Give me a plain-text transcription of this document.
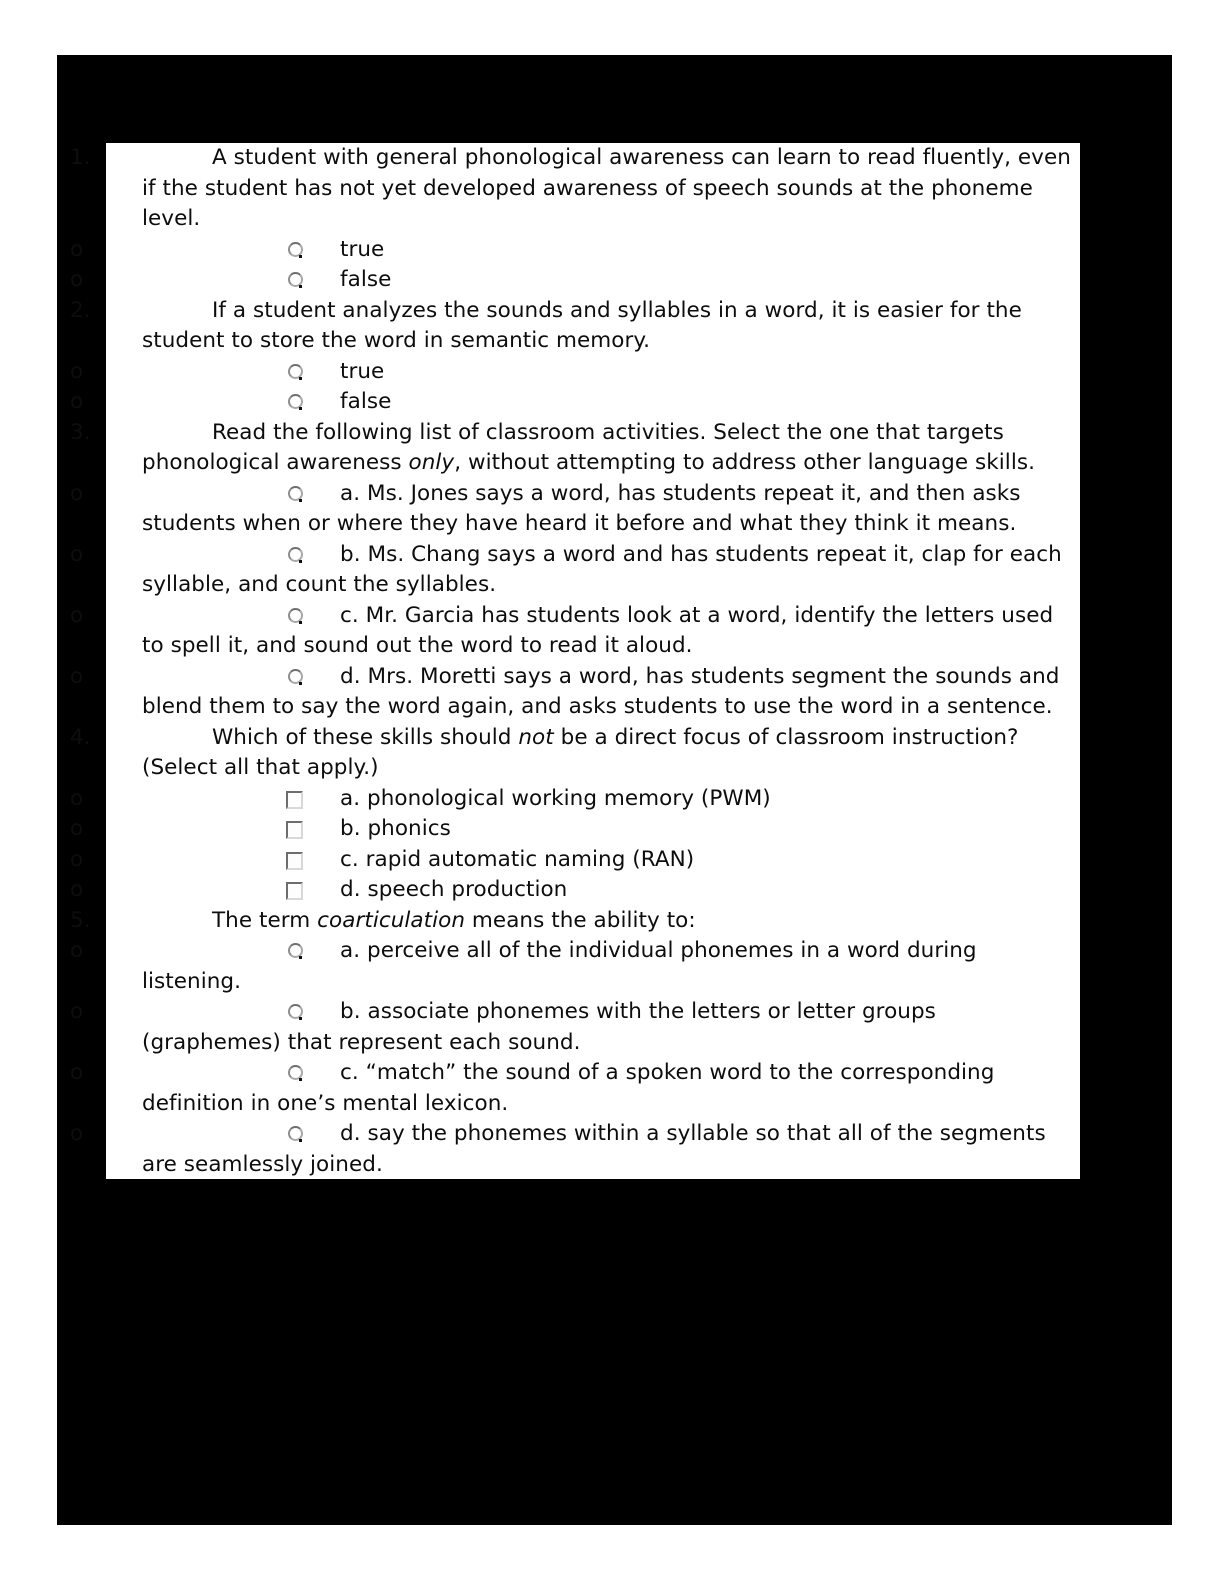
1.	A student with general phonological awareness can learn to read fluently, even if the student has not yet developed awareness of speech sounds at the phoneme level.
true
false
2.	If a student analyzes the sounds and syllables in a word, it is easier for the student to store the word in semantic memory.
true
false
3.	Read the following list of classroom activities. Select the one that targets phonological awareness only, without attempting to address other language skills.
a. Ms. Jones says a word, has students repeat it, and then asks students when or where they have heard it before and what they think it means.
b. Ms. Chang says a word and has students repeat it, clap for each syllable, and count the syllables.
c. Mr. Garcia has students look at a word, identify the letters used to spell it, and sound out the word to read it aloud.
d. Mrs. Moretti says a word, has students segment the sounds and blend them to say the word again, and asks students to use the word in a sentence.
4.	Which of these skills should not be a direct focus of classroom instruction? (Select all that apply.)
a. phonological working memory (PWM)
b. phonics
c. rapid automatic naming (RAN)
d. speech production
5.	The term coarticulation means the ability to:
a. perceive all of the individual phonemes in a word during listening.
b. associate phonemes with the letters or letter groups (graphemes) that represent each sound.
c. “match” the sound of a spoken word to the corresponding definition in one’s mental lexicon.
d. say the phonemes within a syllable so that all of the segments are seamlessly joined.
